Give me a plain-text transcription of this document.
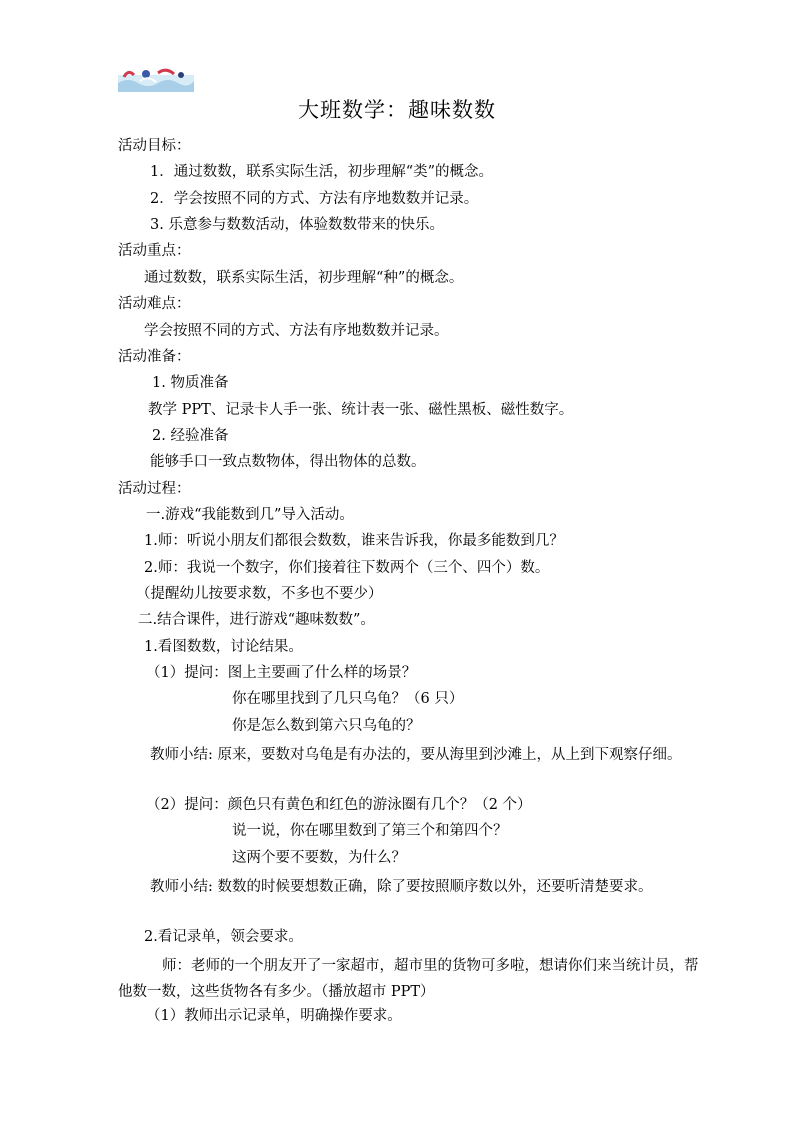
大班数学：趣味数数
活动目标：
1．通过数数，联系实际生活，初步理解“类”的概念。
2．学会按照不同的方式、方法有序地数数并记录。
3. 乐意参与数数活动，体验数数带来的快乐。
活动重点：
通过数数，联系实际生活，初步理解“种”的概念。
活动难点：
学会按照不同的方式、方法有序地数数并记录。
活动准备：
1. 物质准备
教学 PPT、记录卡人手一张、统计表一张、磁性黑板、磁性数字。
2. 经验准备
能够手口一致点数物体，得出物体的总数。
活动过程：
一.游戏“我能数到几”导入活动。
1.师：听说小朋友们都很会数数，谁来告诉我，你最多能数到几？
2.师：我说一个数字，你们接着往下数两个（三个、四个）数。
（提醒幼儿按要求数，不多也不要少）
二.结合课件，进行游戏“趣味数数”。
1.看图数数，讨论结果。
（1）提问：图上主要画了什么样的场景？
你在哪里找到了几只乌龟？（6 只）
你是怎么数到第六只乌龟的？
教师小结: 原来，要数对乌龟是有办法的，要从海里到沙滩上，从上到下观察仔细。
（2）提问：颜色只有黄色和红色的游泳圈有几个？（2 个）
说一说，你在哪里数到了第三个和第四个？
这两个要不要数，为什么？
教师小结: 数数的时候要想数正确，除了要按照顺序数以外，还要听清楚要求。
2.看记录单，领会要求。
师：老师的一个朋友开了一家超市，超市里的货物可多啦，想请你们来当统计员，帮他数一数，这些货物各有多少。（播放超市 PPT）
（1）教师出示记录单，明确操作要求。
